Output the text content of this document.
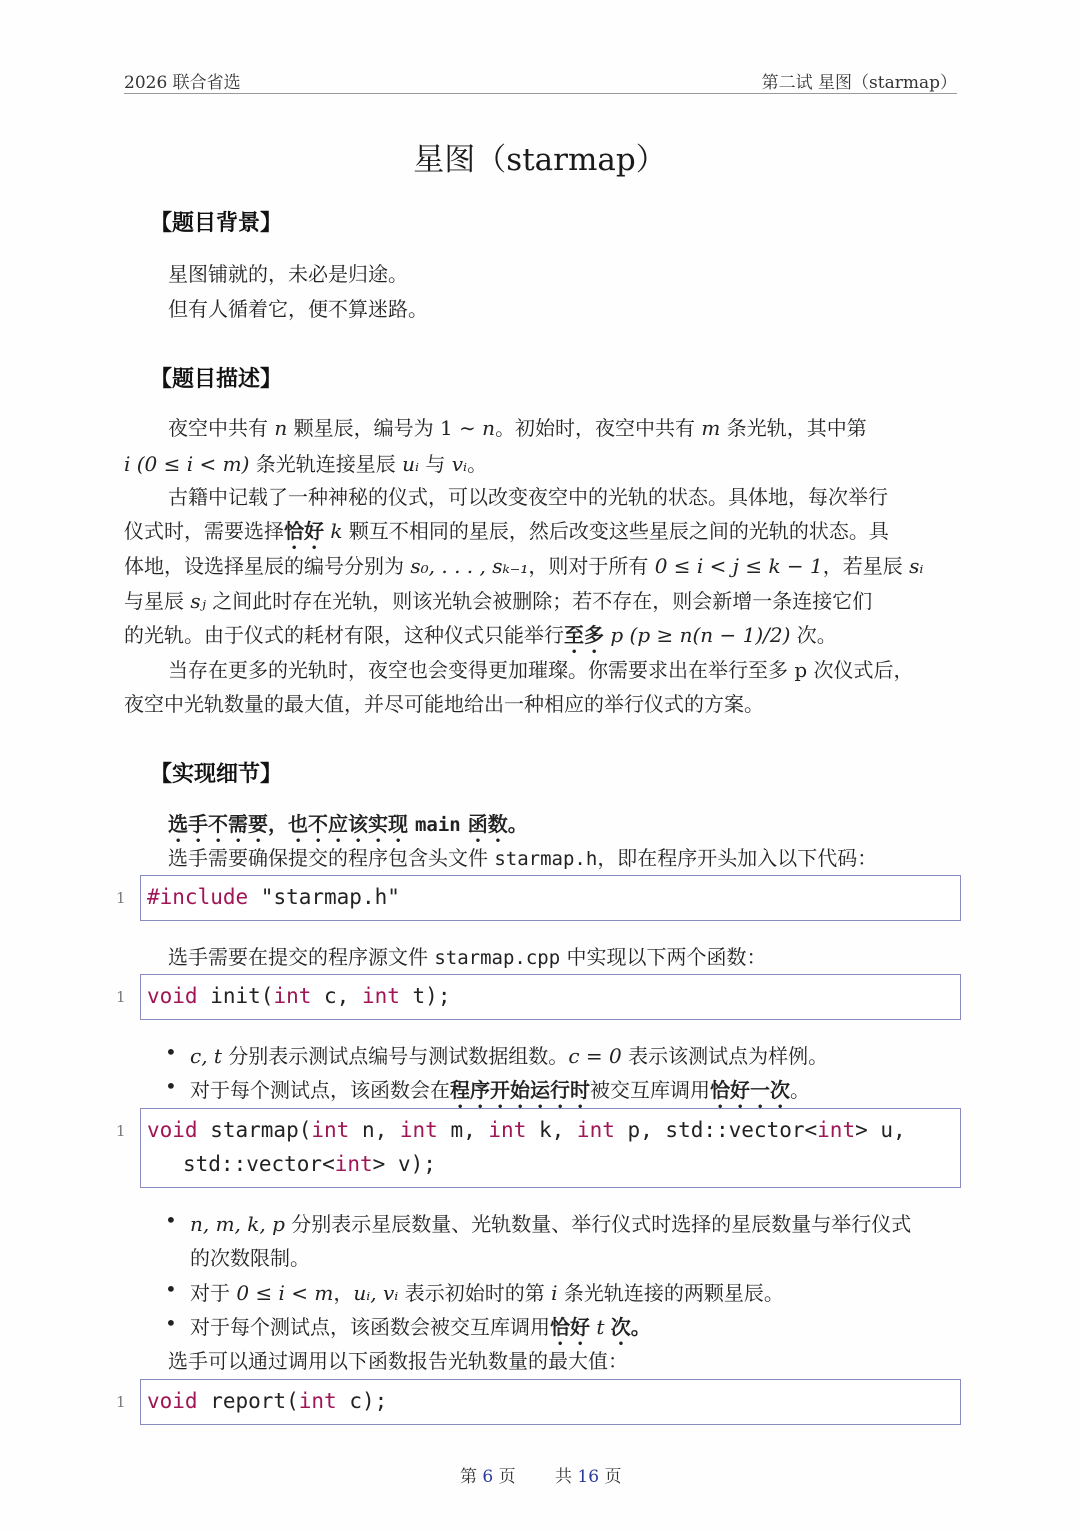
2026 联合省选	第二试 星图（starmap）
星图（starmap）
【题目背景】
星图铺就的，未必是归途。
但有人循着它，便不算迷路。
【题目描述】
夜空中共有 n 颗星辰，编号为 1 ∼ n。初始时，夜空中共有 m 条光轨，其中第
i (0 ≤ i < m) 条光轨连接星辰 uᵢ 与 vᵢ。
古籍中记载了一种神秘的仪式，可以改变夜空中的光轨的状态。具体地，每次举行
仪式时，需要选择恰好 k 颗互不相同的星辰，然后改变这些星辰之间的光轨的状态。具
体地，设选择星辰的编号分别为 s₀, . . . , sₖ₋₁，则对于所有 0 ≤ i < j ≤ k − 1，若星辰 sᵢ
与星辰 sⱼ 之间此时存在光轨，则该光轨会被删除；若不存在，则会新增一条连接它们
的光轨。由于仪式的耗材有限，这种仪式只能举行至多 p (p ≥ n(n − 1)/2) 次。
当存在更多的光轨时，夜空也会变得更加璀璨。你需要求出在举行至多 p 次仪式后，
夜空中光轨数量的最大值，并尽可能地给出一种相应的举行仪式的方案。
【实现细节】
选手不需要，也不应该实现 main 函数。
选手需要确保提交的程序包含头文件 starmap.h，即在程序开头加入以下代码：
1 #include "starmap.h"
选手需要在提交的程序源文件 starmap.cpp 中实现以下两个函数：
1 void init(int c, int t);
• c, t 分别表示测试点编号与测试数据组数。c = 0 表示该测试点为样例。
• 对于每个测试点，该函数会在程序开始运行时被交互库调用恰好一次。
1 void starmap(int n, int m, int k, int p, std::vector<int> u,
std::vector<int> v);
• n, m, k, p 分别表示星辰数量、光轨数量、举行仪式时选择的星辰数量与举行仪式
的次数限制。
• 对于 0 ≤ i < m，uᵢ, vᵢ 表示初始时的第 i 条光轨连接的两颗星辰。
• 对于每个测试点，该函数会被交互库调用恰好 t 次。
选手可以通过调用以下函数报告光轨数量的最大值：
1 void report(int c);
第 6 页 共 16 页
